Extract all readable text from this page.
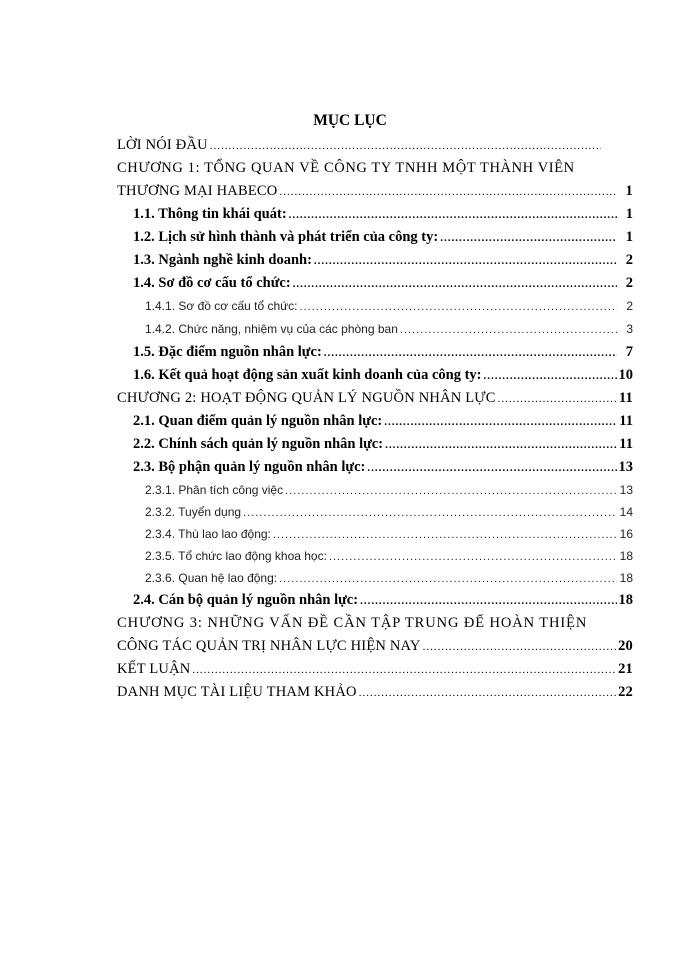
MỤC LỤC
LỜI NÓI ĐẦU
.....
CHƯƠNG 1: TỔNG QUAN VỀ CÔNG TY TNHH MỘT THÀNH VIÊN
THƯƠNG MẠI HABECO .....	1
1.1. Thông tin khái quát: .....	1
1.2. Lịch sử hình thành và phát triển của công ty: .....	1
1.3. Ngành nghề kinh doanh: .....	2
1.4. Sơ đồ cơ cấu tổ chức: .....	2
1.4.1. Sơ đồ cơ cấu tổ chức: .....	2
1.4.2. Chức năng, nhiệm vụ của các phòng ban .....	3
1.5. Đặc điểm nguồn nhân lực: .....	7
1.6. Kết quả hoạt động sản xuất kinh doanh của công ty: .....	10
CHƯƠNG 2: HOẠT ĐỘNG QUẢN LÝ NGUỒN NHÂN LỰC .....	11
2.1. Quan điểm quản lý nguồn nhân lực: .....	11
2.2. Chính sách quản lý nguồn nhân lực: .....	11
2.3. Bộ phận quản lý nguồn nhân lực: .....	13
2.3.1. Phân tích công việc .....	13
2.3.2. Tuyển dụng .....	14
2.3.4. Thù lao lao động: .....	16
2.3.5. Tổ chức lao động khoa học: .....	18
2.3.6. Quan hệ lao động: .....	18
2.4. Cán bộ quản lý nguồn nhân lực: .....	18
CHƯƠNG 3: NHỮNG VẤN ĐỀ CẦN TẬP TRUNG ĐỂ HOÀN THIỆN
CÔNG TÁC QUẢN TRỊ NHÂN LỰC HIỆN NAY .....	20
KẾT LUẬN .....	21
DANH MỤC TÀI LIỆU THAM KHẢO .....	22
